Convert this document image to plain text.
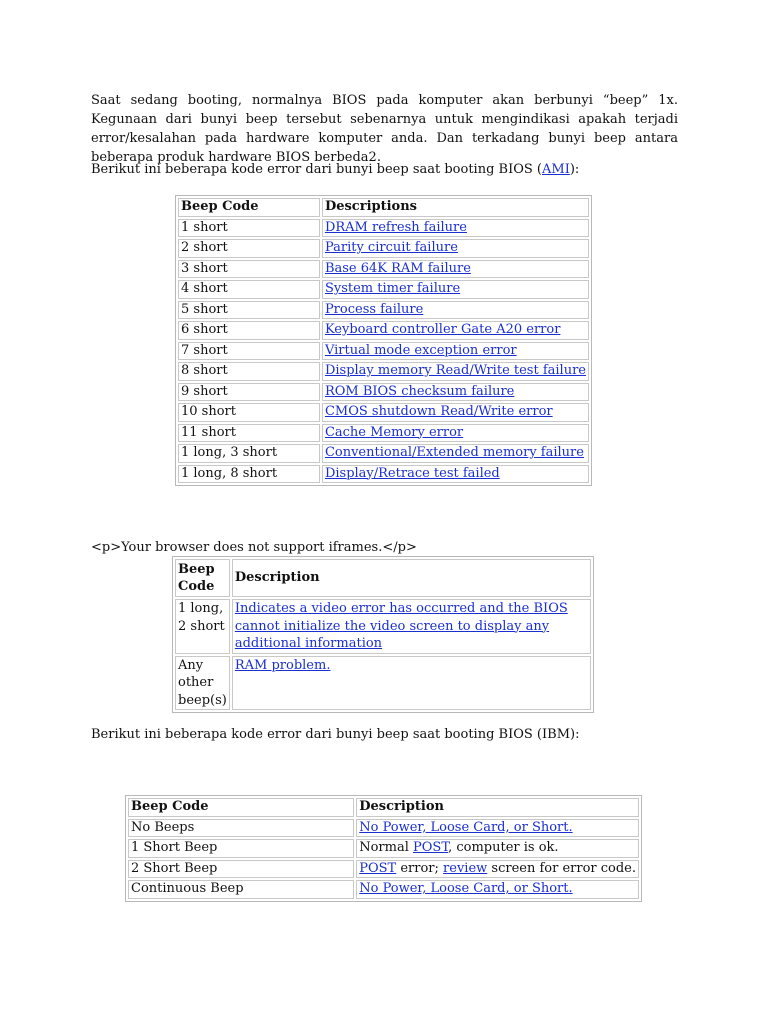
Saat sedang booting, normalnya BIOS pada komputer akan berbunyi “beep” 1x. Kegunaan dari bunyi beep tersebut sebenarnya untuk mengindikasi apakah terjadi error/kesalahan pada hardware komputer anda. Dan terkadang bunyi beep antara beberapa produk hardware BIOS berbeda2.

Berikut ini beberapa kode error dari bunyi beep saat booting BIOS (AMI):

Beep Code	Descriptions
1 short	DRAM refresh failure
2 short	Parity circuit failure
3 short	Base 64K RAM failure
4 short	System timer failure
5 short	Process failure
6 short	Keyboard controller Gate A20 error
7 short	Virtual mode exception error
8 short	Display memory Read/Write test failure
9 short	ROM BIOS checksum failure
10 short	CMOS shutdown Read/Write error
11 short	Cache Memory error
1 long, 3 short	Conventional/Extended memory failure
1 long, 8 short	Display/Retrace test failed

<p>Your browser does not support iframes.</p>

Beep Code	Description
1 long, 2 short	Indicates a video error has occurred and the BIOS cannot initialize the video screen to display any additional information
Any other beep(s)	RAM problem.

Berikut ini beberapa kode error dari bunyi beep saat booting BIOS (IBM):

Beep Code	Description
No Beeps	No Power, Loose Card, or Short.
1 Short Beep	Normal POST, computer is ok.
2 Short Beep	POST error; review screen for error code.
Continuous Beep	No Power, Loose Card, or Short.
